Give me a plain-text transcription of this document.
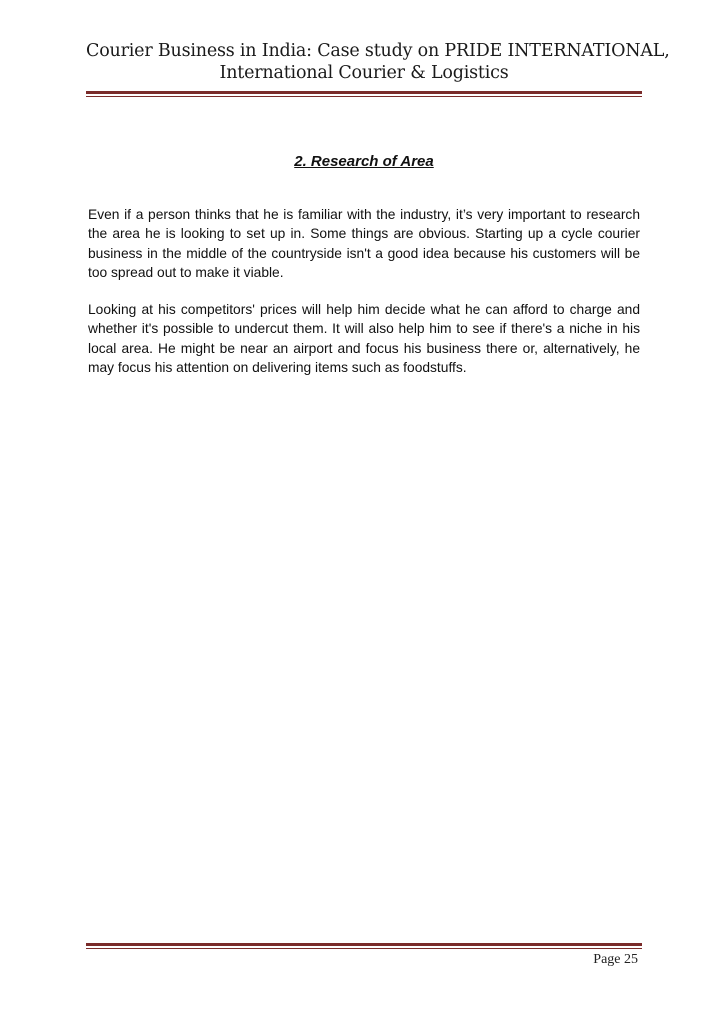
Courier Business in India: Case study on PRIDE INTERNATIONAL,
International Courier & Logistics
2. Research of Area

Even if a person thinks that he is familiar with the industry, it’s very important to research the area he is looking to set up in. Some things are obvious. Starting up a cycle courier business in the middle of the countryside isn't a good idea because his customers will be too spread out to make it viable.

Looking at his competitors' prices will help him decide what he can afford to charge and whether it's possible to undercut them. It will also help him to see if there's a niche in his local area. He might be near an airport and focus his business there or, alternatively, he may focus his attention on delivering items such as foodstuffs.

Page 25
